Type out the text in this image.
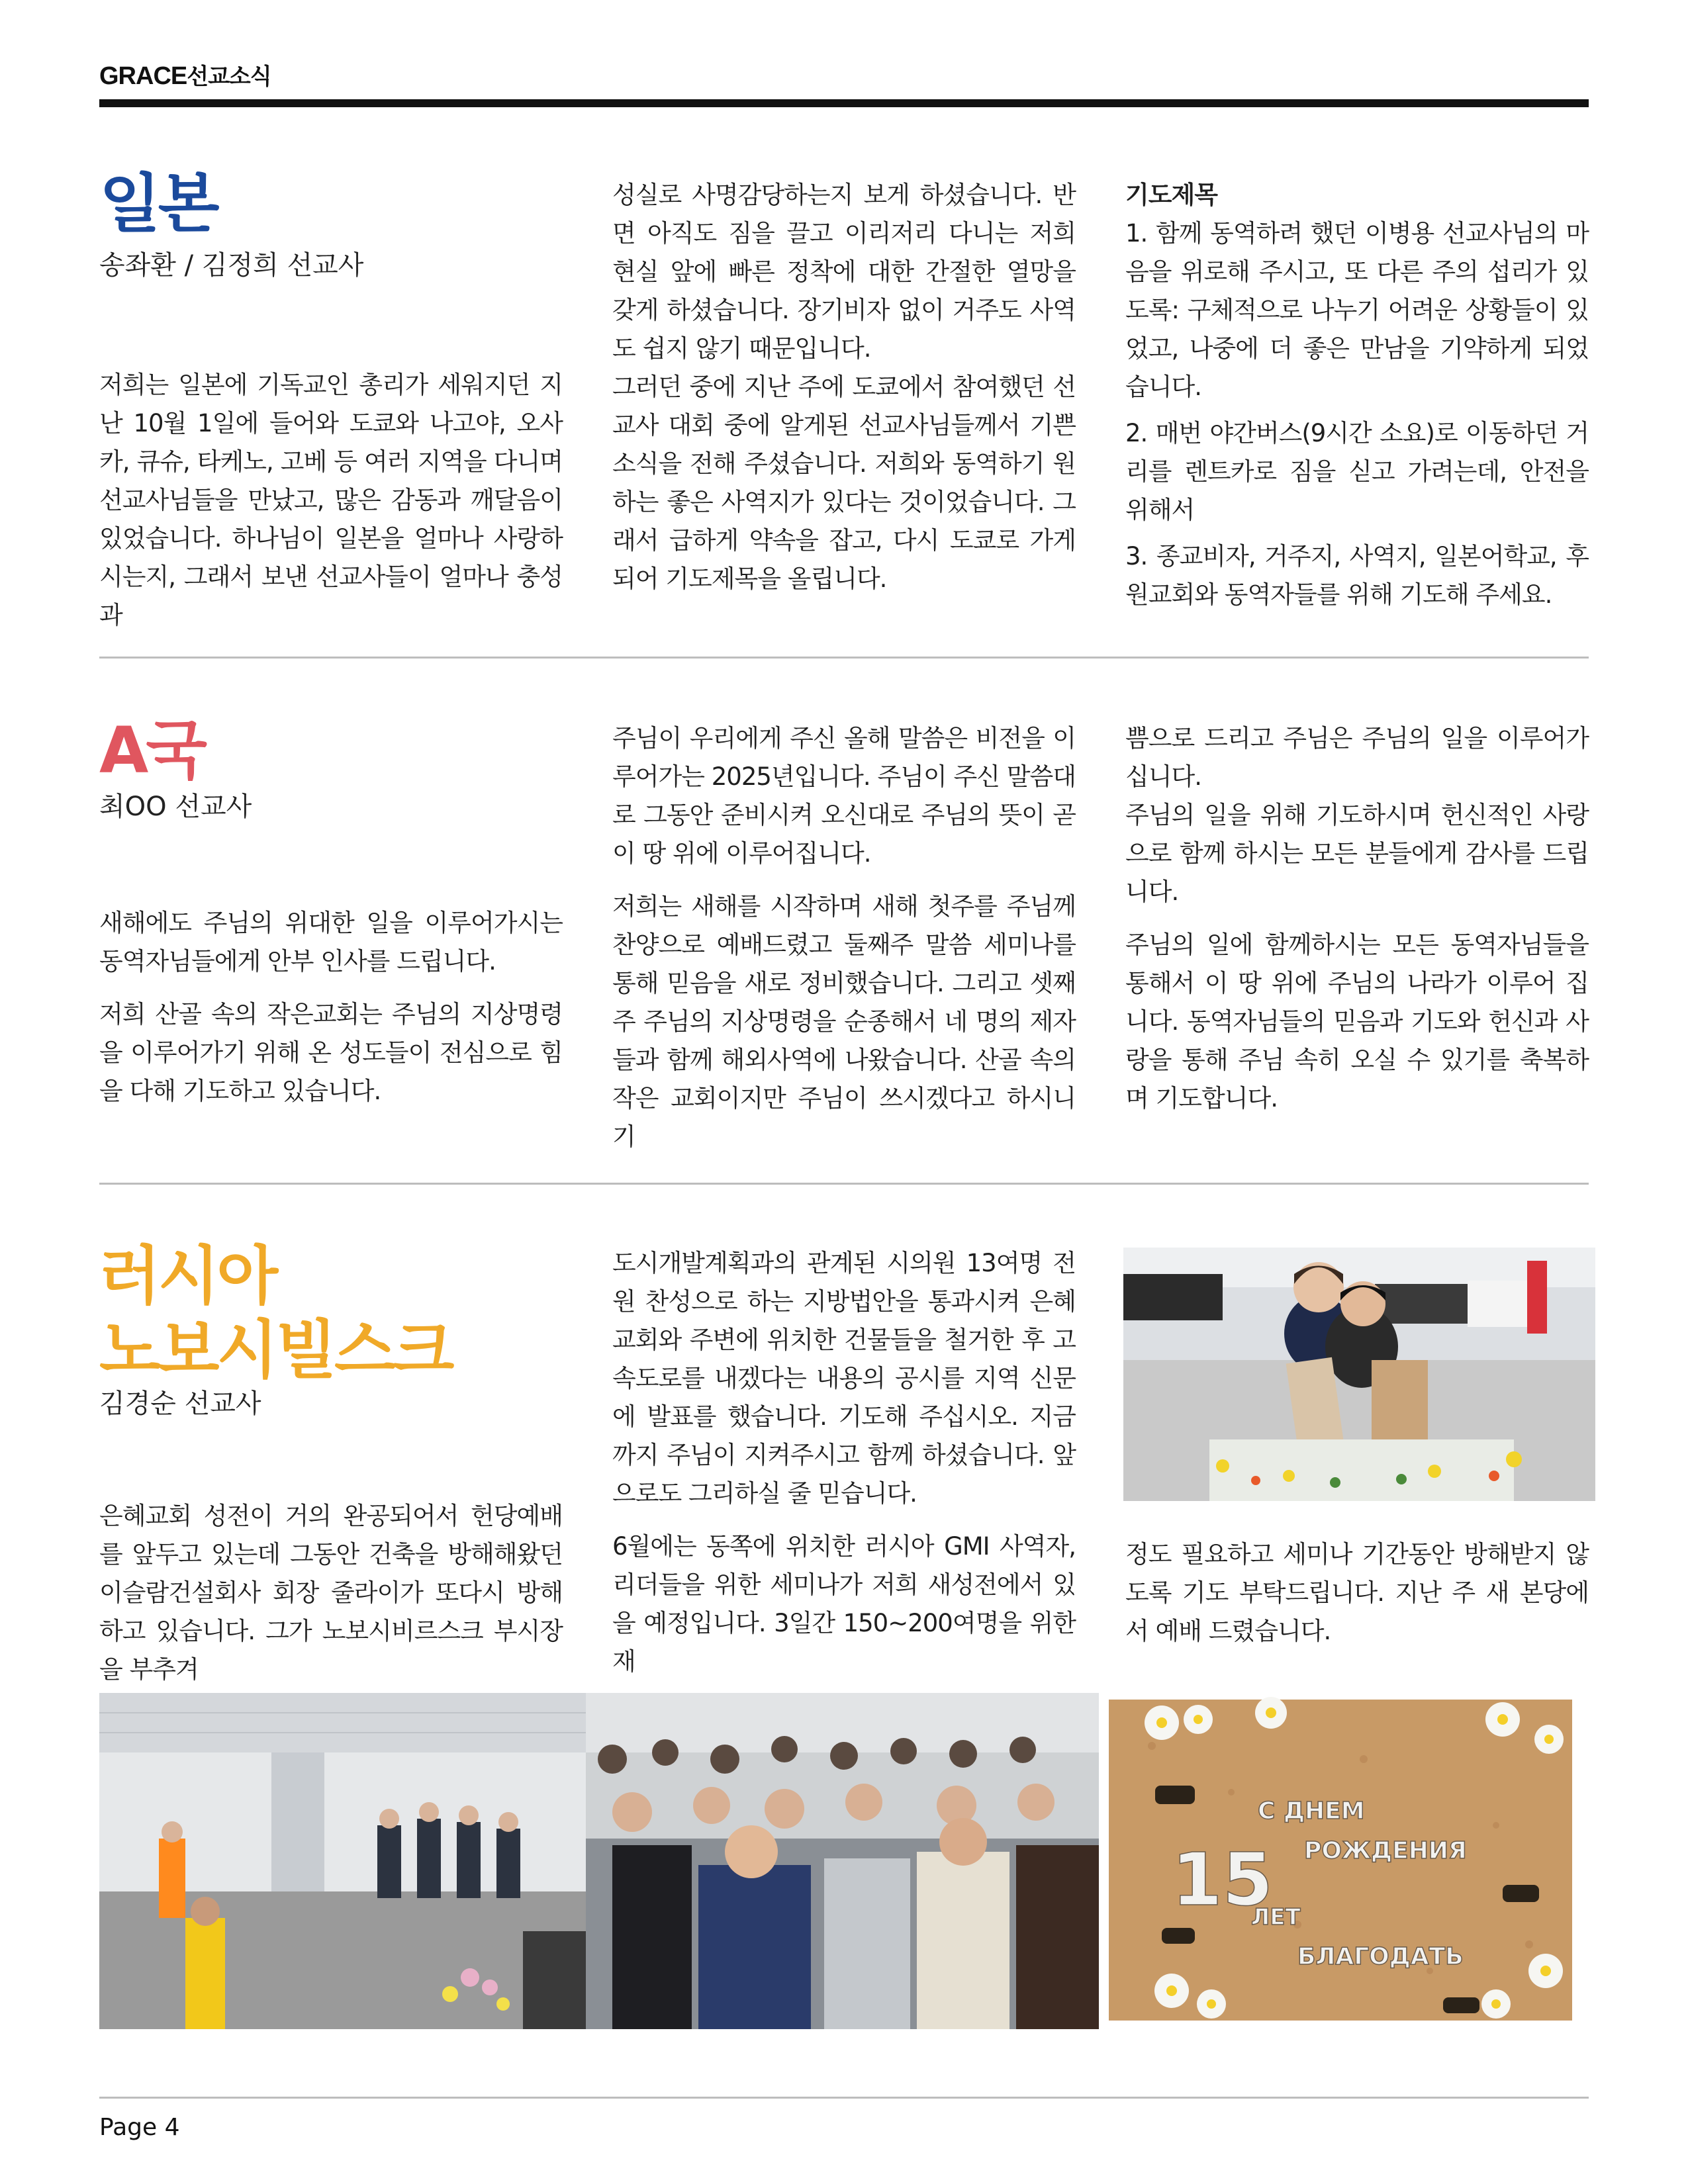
GRACE선교소식
일본
송좌환 / 김정희 선교사

저희는 일본에 기독교인 총리가 세워지던 지난 10월 1일에 들어와 도쿄와 나고야, 오사카, 큐슈, 타케노, 고베 등 여러 지역을 다니며 선교사님들을 만났고, 많은 감동과 깨달음이 있었습니다. 하나님이 일본을 얼마나 사랑하시는지, 그래서 보낸 선교사들이 얼마나 충성과

성실로 사명감당하는지 보게 하셨습니다. 반면 아직도 짐을 끌고 이리저리 다니는 저희 현실 앞에 빠른 정착에 대한 간절한 열망을 갖게 하셨습니다. 장기비자 없이 거주도 사역도 쉽지 않기 때문입니다.

그러던 중에 지난 주에 도쿄에서 참여했던 선교사 대회 중에 알게된 선교사님들께서 기쁜 소식을 전해 주셨습니다. 저희와 동역하기 원하는 좋은 사역지가 있다는 것이었습니다. 그래서 급하게 약속을 잡고, 다시 도쿄로 가게 되어 기도제목을 올립니다.

기도제목

1. 함께 동역하려 했던 이병용 선교사님의 마음을 위로해 주시고, 또 다른 주의 섭리가 있도록: 구체적으로 나누기 어려운 상황들이 있었고, 나중에 더 좋은 만남을 기약하게 되었습니다.

2. 매번 야간버스(9시간 소요)로 이동하던 거리를 렌트카로 짐을 싣고 가려는데, 안전을 위해서

3. 종교비자, 거주지, 사역지, 일본어학교, 후원교회와 동역자들를 위해 기도해 주세요.

A국
최OO 선교사

새해에도 주님의 위대한 일을 이루어가시는 동역자님들에게 안부 인사를 드립니다.

저희 산골 속의 작은교회는 주님의 지상명령을 이루어가기 위해 온 성도들이 전심으로 힘을 다해 기도하고 있습니다.

주님이 우리에게 주신 올해 말씀은 비전을 이루어가는 2025년입니다. 주님이 주신 말씀대로 그동안 준비시켜 오신대로 주님의 뜻이 곧 이 땅 위에 이루어집니다.

저희는 새해를 시작하며 새해 첫주를 주님께 찬양으로 예배드렸고 둘째주 말씀 세미나를 통해 믿음을 새로 정비했습니다. 그리고 셋째주 주님의 지상명령을 순종해서 네 명의 제자들과 함께 해외사역에 나왔습니다. 산골 속의 작은 교회이지만 주님이 쓰시겠다고 하시니 기

쁨으로 드리고 주님은 주님의 일을 이루어가십니다.

주님의 일을 위해 기도하시며 헌신적인 사랑으로 함께 하시는 모든 분들에게 감사를 드립니다.

주님의 일에 함께하시는 모든 동역자님들을 통해서 이 땅 위에 주님의 나라가 이루어 집니다. 동역자님들의 믿음과 기도와 헌신과 사랑을 통해 주님 속히 오실 수 있기를 축복하며 기도합니다.

러시아
노보시빌스크
김경순 선교사

은혜교회 성전이 거의 완공되어서 헌당예배를 앞두고 있는데 그동안 건축을 방해해왔던 이슬람건설회사 회장 줄라이가 또다시 방해하고 있습니다. 그가 노보시비르스크 부시장을 부추겨

도시개발계획과의 관계된 시의원 13여명 전원 찬성으로 하는 지방법안을 통과시켜 은혜교회와 주변에 위치한 건물들을 철거한 후 고속도로를 내겠다는 내용의 공시를 지역 신문에 발표를 했습니다. 기도해 주십시오. 지금까지 주님이 지켜주시고 함께 하셨습니다. 앞으로도 그리하실 줄 믿습니다.

6월에는 동쪽에 위치한 러시아 GMI 사역자, 리더들을 위한 세미나가 저희 새성전에서 있을 예정입니다. 3일간 150~200여명을 위한 재

정도 필요하고 세미나 기간동안 방해받지 않도록 기도 부탁드립니다. 지난 주 새 본당에서 예배 드렸습니다.

С ДНЕМ
РОЖДЕНИЯ
15
ЛЕТ
БЛАГОДАТЬ
Page 4
